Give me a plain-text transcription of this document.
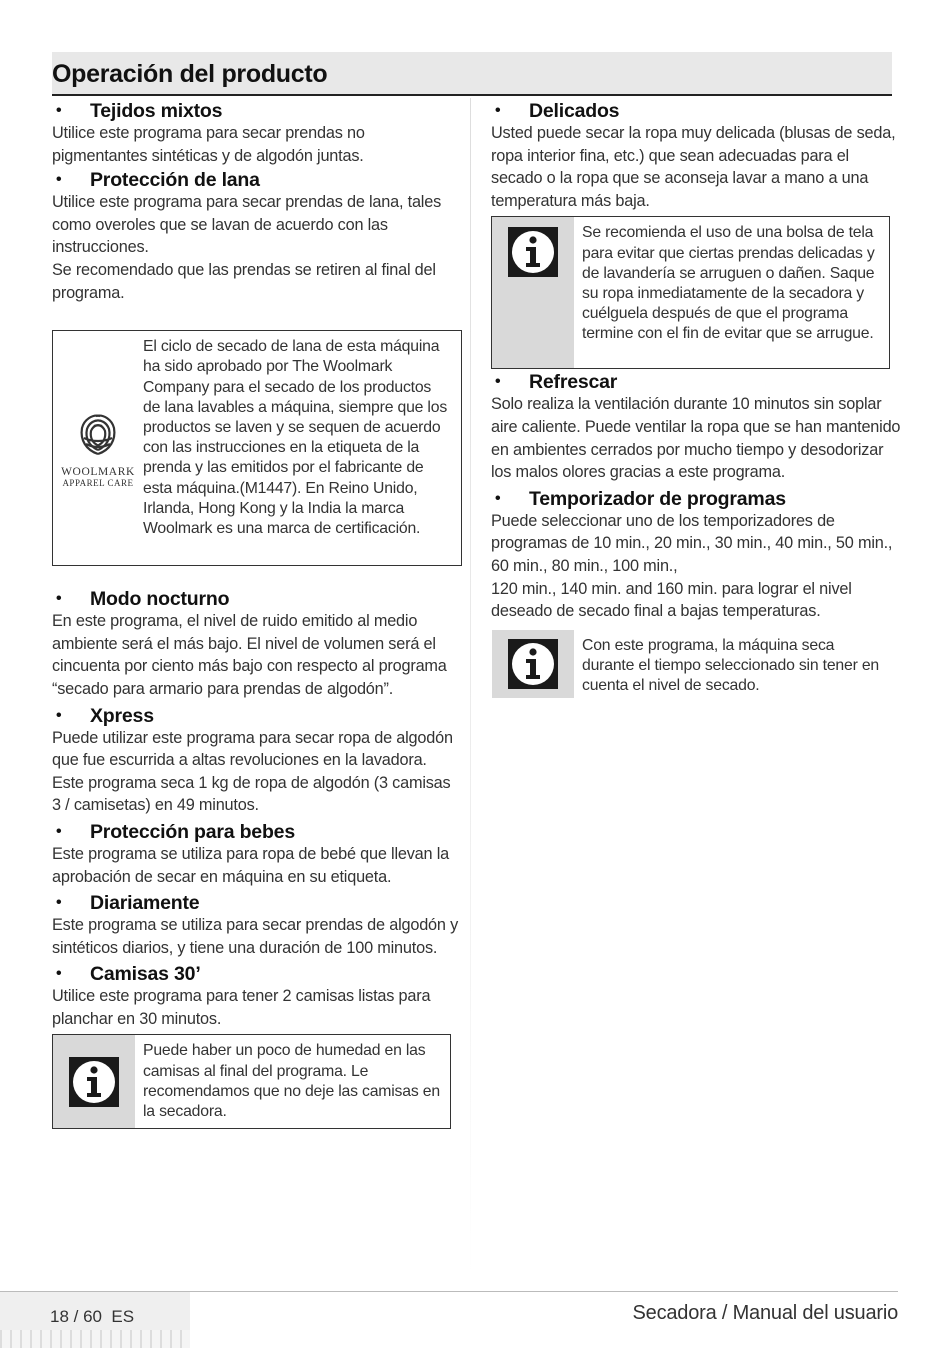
Operación del producto
•	Tejidos mixtos

Utilice este programa para secar prendas no pigmentantes sintéticas y de algodón juntas.

•	Protección de lana

Utilice este programa para secar prendas de lana, tales como overoles que se lavan de acuerdo con las instrucciones.

Se recomendado que las prendas se retiren al final del programa.

WOOLMARK
APPAREL CARE
El ciclo de secado de lana de esta máquina ha sido aprobado por The Woolmark Company para el secado de los productos de lana lavables a máquina, siempre que los productos se laven y se sequen de acuerdo con las instrucciones en la etiqueta de la prenda y las emitidos por el fabricante de esta máquina.(M1447). En Reino Unido, Irlanda, Hong Kong y la India la marca Woolmark es una marca de certificación.
•	Modo nocturno

En este programa, el nivel de ruido emitido al medio ambiente será el más bajo. El nivel de volumen será el cincuenta por ciento más bajo con respecto al programa “secado para armario para prendas de algodón”.

•	Xpress

Puede utilizar este programa para secar ropa de algodón que fue escurrida a altas revoluciones en la lavadora. Este programa seca 1 kg de ropa de algodón (3 camisas 3 / camisetas) en 49 minutos.

•	Protección para bebes

Este programa se utiliza para ropa de bebé que llevan la aprobación de secar en máquina en su etiqueta.

•	Diariamente

Este programa se utiliza para secar prendas de algodón y sintéticos diarios, y tiene una duración de 100 minutos.

•	Camisas 30’

Utilice este programa para tener 2 camisas listas para planchar en 30 minutos.

Puede haber un poco de humedad en las camisas al final del programa. Le recomendamos que no deje las camisas en la secadora.
•	Delicados

Usted puede secar la ropa muy delicada (blusas de seda, ropa interior fina, etc.) que sean adecuadas para el secado o la ropa que se aconseja lavar a mano a una temperatura más baja.

Se recomienda el uso de una bolsa de tela para evitar que ciertas prendas delicadas y de lavandería se arruguen o dañen. Saque su ropa inmediatamente de la secadora y cuélguela después de que el programa termine con el fin de evitar que se arrugue.
•	Refrescar

Solo realiza la ventilación durante 10 minutos sin soplar aire caliente. Puede ventilar la ropa que se han mantenido en ambientes cerrados por mucho tiempo y desodorizar los malos olores gracias a este programa.

•	Temporizador de programas

Puede seleccionar uno de los temporizadores de programas de 10 min., 20 min., 30 min., 40 min., 50 min., 60 min., 80 min., 100 min.,

120 min., 140 min. and 160 min. para lograr el nivel deseado de secado final a bajas temperaturas.

Con este programa, la máquina seca durante el tiempo seleccionado sin tener en cuenta el nivel de secado.
18 / 60  ES	Secadora / Manual del usuario
